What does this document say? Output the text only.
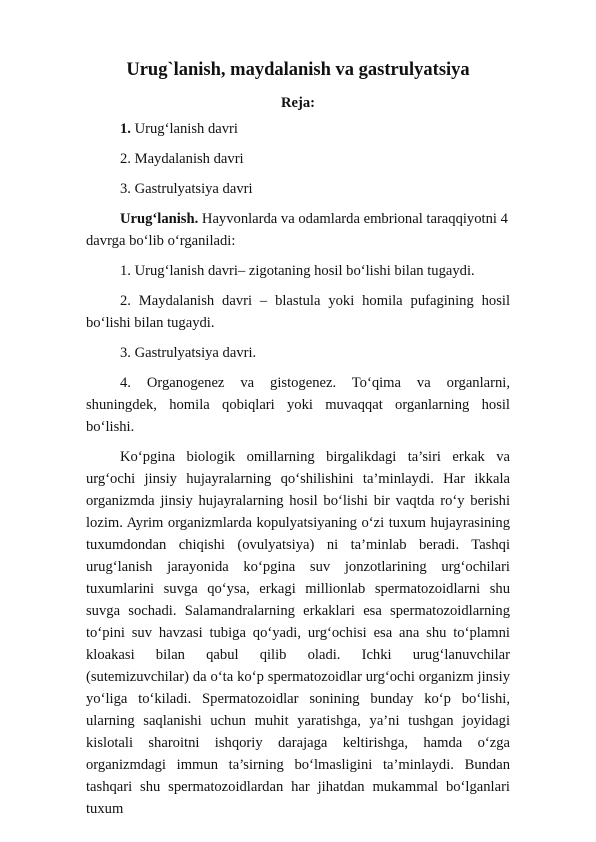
Urug`lanish, maydalanish va gastrulyatsiya
Reja:

1. Urug‘lanish davri

2. Maydalanish davri

3. Gastrulyatsiya davri

Urug‘lanish. Hayvonlarda va odamlarda embrional taraqqiyotni 4 davrga bo‘lib o‘rganiladi:

1. Urug‘lanish davri– zigotaning hosil bo‘lishi bilan tugaydi.

2. Maydalanish davri – blastula yoki homila pufagining hosil bo‘lishi bilan tugaydi.

3. Gastrulyatsiya davri.

4. Organogenez va gistogenez. To‘qima va organlarni, shuningdek, homila qobiqlari yoki muvaqqat organlarning hosil bo‘lishi.

Ko‘pgina biologik omillarning birgalikdagi ta’siri erkak va urg‘ochi jinsiy hujayralarning qo‘shilishini ta’minlaydi. Har ikkala organizmda jinsiy hujayralarning hosil bo‘lishi bir vaqtda ro‘y berishi lozim. Ayrim organizmlarda kopulyatsiyaning o‘zi tuxum hujayrasining tuxumdondan chiqishi (ovulyatsiya) ni ta’minlab beradi. Tashqi urug‘lanish jarayonida ko‘pgina suv jonzotlarining urg‘ochilari tuxumlarini suvga qo‘ysa, erkagi millionlab spermatozoidlarni shu suvga sochadi. Salamandralarning erkaklari esa spermatozoidlarning to‘pini suv havzasi tubiga qo‘yadi, urg‘ochisi esa ana shu to‘plamni kloakasi bilan qabul qilib oladi. Ichki urug‘lanuvchilar (sutemizuvchilar) da o‘ta ko‘p spermatozoidlar urg‘ochi organizm jinsiy yo‘liga to‘kiladi. Spermatozoidlar sonining bunday ko‘p bo‘lishi, ularning saqlanishi uchun muhit yaratishga, ya’ni tushgan joyidagi kislotali sharoitni ishqoriy darajaga keltirishga, hamda o‘zga organizmdagi immun ta’sirning bo‘lmasligini ta’minlaydi. Bundan tashqari shu spermatozoidlardan har jihatdan mukammal bo‘lganlari tuxum
